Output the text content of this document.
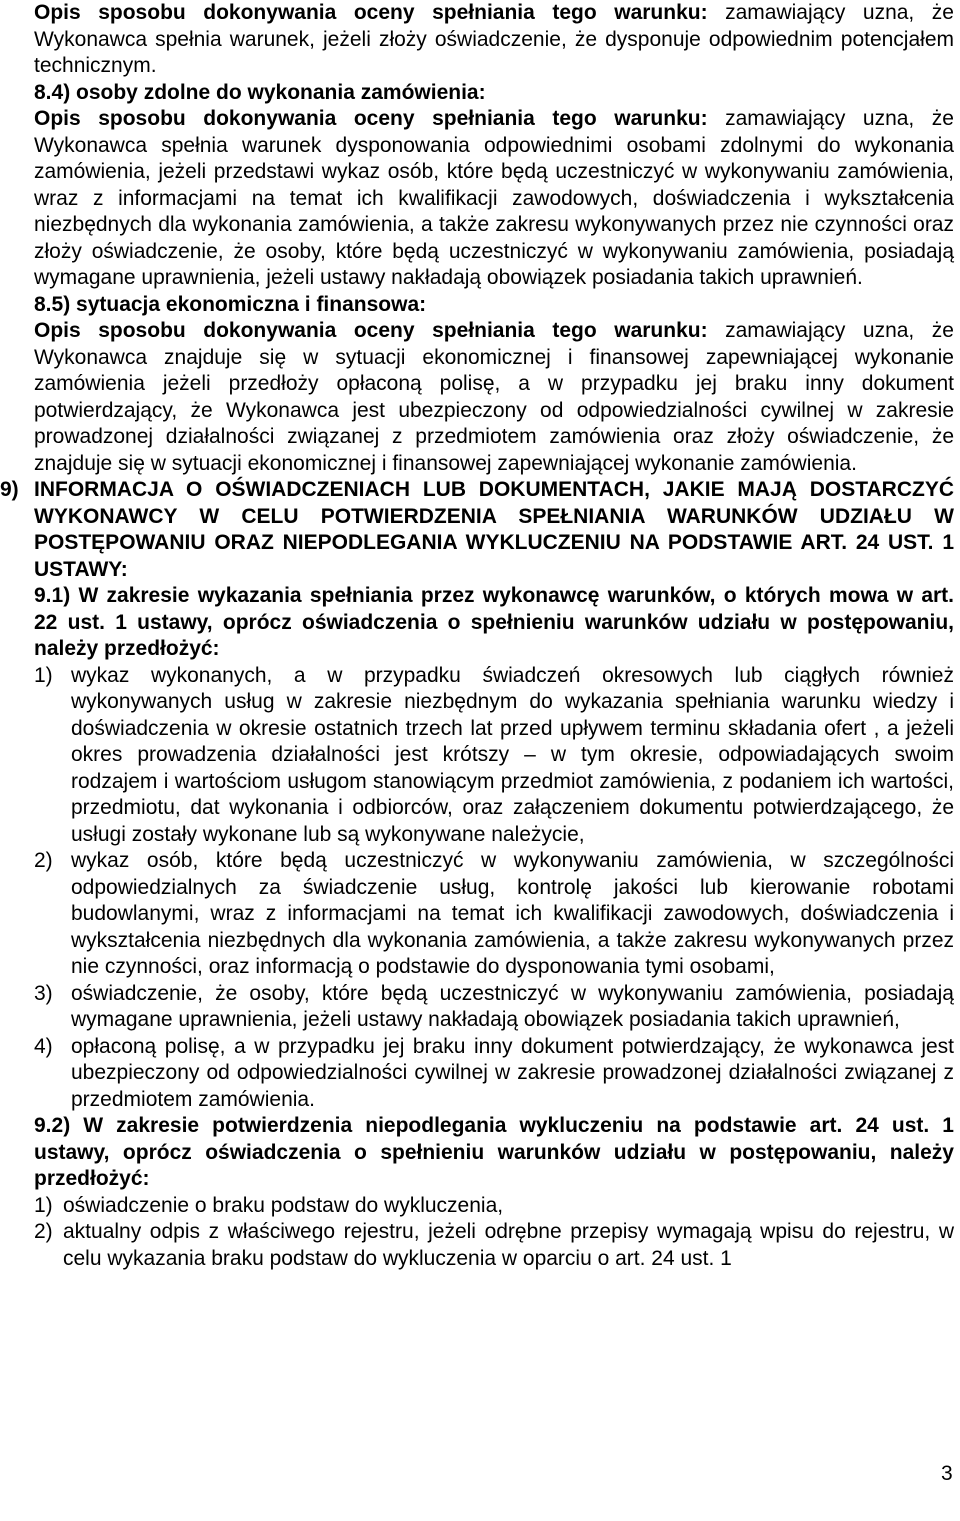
Opis sposobu dokonywania oceny spełniania tego warunku: zamawiający uzna, że Wykonawca spełnia warunek, jeżeli złoży oświadczenie, że dysponuje odpowiednim potencjałem technicznym.

8.4) osoby zdolne do wykonania zamówienia:

Opis sposobu dokonywania oceny spełniania tego warunku: zamawiający uzna, że Wykonawca spełnia warunek dysponowania odpowiednimi osobami zdolnymi do wykonania zamówienia, jeżeli przedstawi wykaz osób, które będą uczestniczyć w wykonywaniu zamówienia, wraz z informacjami na temat ich kwalifikacji zawodowych, doświadczenia i wykształcenia niezbędnych dla wykonania zamówienia, a także zakresu wykonywanych przez nie czynności oraz złoży oświadczenie, że osoby, które będą uczestniczyć w wykonywaniu zamówienia, posiadają wymagane uprawnienia, jeżeli ustawy nakładają obowiązek posiadania takich uprawnień.

8.5) sytuacja ekonomiczna i finansowa:

Opis sposobu dokonywania oceny spełniania tego warunku: zamawiający uzna, że Wykonawca znajduje się w sytuacji ekonomicznej i finansowej zapewniającej wykonanie zamówienia jeżeli przedłoży opłaconą polisę, a w przypadku jej braku inny dokument potwierdzający, że Wykonawca jest ubezpieczony od odpowiedzialności cywilnej w zakresie prowadzonej działalności związanej z przedmiotem zamówienia oraz złoży oświadczenie, że znajduje się w sytuacji ekonomicznej i finansowej zapewniającej wykonanie zamówienia.

9) INFORMACJA O OŚWIADCZENIACH LUB DOKUMENTACH, JAKIE MAJĄ DOSTARCZYĆ WYKONAWCY W CELU POTWIERDZENIA SPEŁNIANIA WARUNKÓW UDZIAŁU W POSTĘPOWANIU ORAZ NIEPODLEGANIA WYKLUCZENIU NA PODSTAWIE ART. 24 UST. 1 USTAWY:

9.1) W zakresie wykazania spełniania przez wykonawcę warunków, o których mowa w art. 22 ust. 1 ustawy, oprócz oświadczenia o spełnieniu warunków udziału w postępowaniu, należy przedłożyć:

1) wykaz wykonanych, a w przypadku świadczeń okresowych lub ciągłych również wykonywanych usług w zakresie niezbędnym do wykazania spełniania warunku wiedzy i doświadczenia w okresie ostatnich trzech lat przed upływem terminu składania ofert , a jeżeli okres prowadzenia działalności jest krótszy – w tym okresie, odpowiadających swoim rodzajem i wartościom usługom stanowiącym przedmiot zamówienia, z podaniem ich wartości, przedmiotu, dat wykonania i odbiorców, oraz załączeniem dokumentu potwierdzającego, że usługi zostały wykonane lub są wykonywane należycie,
2) wykaz osób, które będą uczestniczyć w wykonywaniu zamówienia, w szczególności odpowiedzialnych za świadczenie usług, kontrolę jakości lub kierowanie robotami budowlanymi, wraz z informacjami na temat ich kwalifikacji zawodowych, doświadczenia i wykształcenia niezbędnych dla wykonania zamówienia, a także zakresu wykonywanych przez nie czynności, oraz informacją o podstawie do dysponowania tymi osobami,
3) oświadczenie, że osoby, które będą uczestniczyć w wykonywaniu zamówienia, posiadają wymagane uprawnienia, jeżeli ustawy nakładają obowiązek posiadania takich uprawnień,
4) opłaconą polisę, a w przypadku jej braku inny dokument potwierdzający, że wykonawca jest ubezpieczony od odpowiedzialności cywilnej w zakresie prowadzonej działalności związanej z przedmiotem zamówienia.

9.2) W zakresie potwierdzenia niepodlegania wykluczeniu na podstawie art. 24 ust. 1 ustawy, oprócz oświadczenia o spełnieniu warunków udziału w postępowaniu, należy przedłożyć:

1) oświadczenie o braku podstaw do wykluczenia,
2) aktualny odpis z właściwego rejestru, jeżeli odrębne przepisy wymagają wpisu do rejestru, w celu wykazania braku podstaw do wykluczenia w oparciu o art. 24 ust. 1
3
